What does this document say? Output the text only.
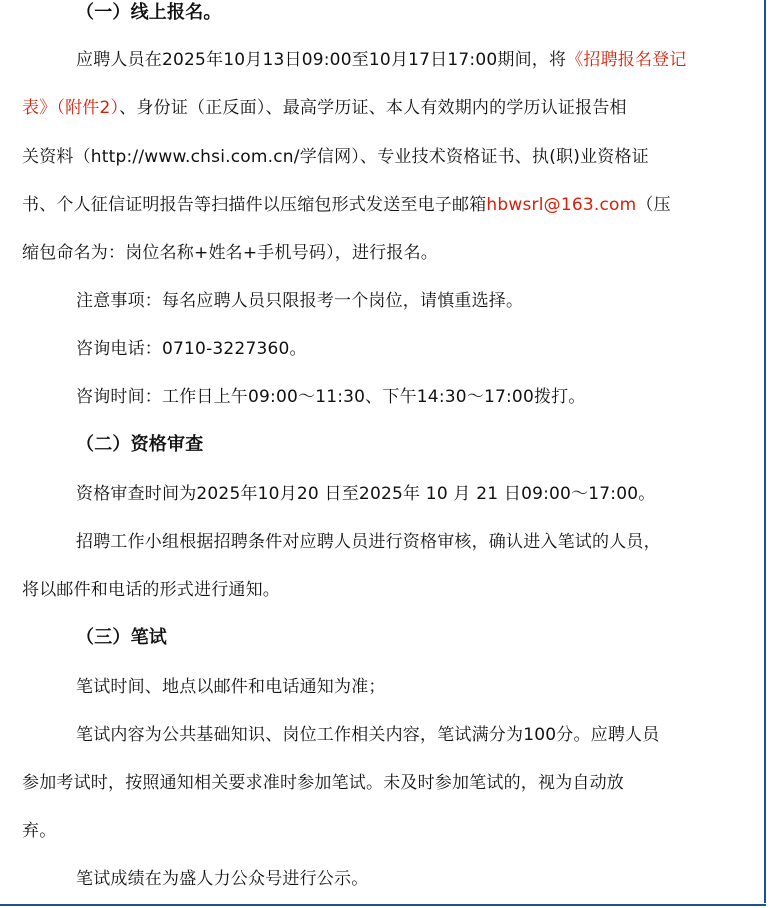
（一）线上报名。
应聘人员在2025年10月13日09:00至10月17日17:00期间，将《招聘报名登记
表》（附件2）、身份证（正反面）、最高学历证、本人有效期内的学历认证报告相
关资料（http://www.chsi.com.cn/学信网）、专业技术资格证书、执(职)业资格证
书、个人征信证明报告等扫描件以压缩包形式发送至电子邮箱hbwsrl@163.com（压
缩包命名为：岗位名称+姓名+手机号码），进行报名。
注意事项：每名应聘人员只限报考一个岗位，请慎重选择。
咨询电话：0710-3227360。
咨询时间：工作日上午09:00～11:30、下午14:30～17:00拨打。
（二）资格审查
资格审查时间为2025年10月20 日至2025年 10 月 21 日09:00～17:00。
招聘工作小组根据招聘条件对应聘人员进行资格审核，确认进入笔试的人员，
将以邮件和电话的形式进行通知。
（三）笔试
笔试时间、地点以邮件和电话通知为准；
笔试内容为公共基础知识、岗位工作相关内容，笔试满分为100分。应聘人员
参加考试时，按照通知相关要求准时参加笔试。未及时参加笔试的，视为自动放
弃。
笔试成绩在为盛人力公众号进行公示。
